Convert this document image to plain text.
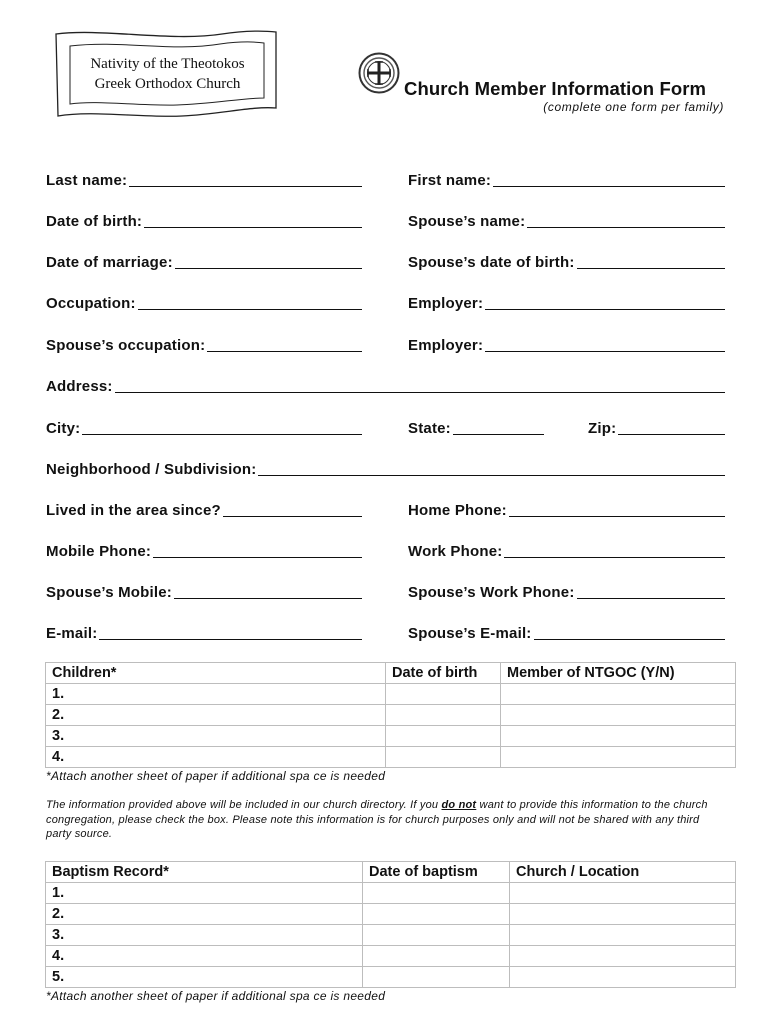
Nativity of the Theotokos
Greek Orthodox Church	Church Member Information Form
(complete one form per family)
Last name:	First name:
Date of birth:	Spouse’s name:
Date of marriage:	Spouse’s date of birth:
Occupation:	Employer:
Spouse’s occupation:	Employer:
Address:
City:	State:	Zip:
Neighborhood / Subdivision:
Lived in the area since?	Home Phone:
Mobile Phone:	Work Phone:
Spouse’s Mobile:	Spouse’s Work Phone:
E-mail:	Spouse’s E-mail:
Children*	Date of birth	Member of NTGOC (Y/N)
1.		
2.		
3.		
4.		
*Attach another sheet of paper if additional spa ce is needed
The information provided above will be included in our church directory. If you do not want to provide this information to the church congregation, please check the box. Please note this information is for church purposes only and will not be shared with any third party source.
Baptism Record*	Date of baptism	Church / Location
1.		
2.		
3.		
4.		
5.		
*Attach another sheet of paper if additional spa ce is needed
